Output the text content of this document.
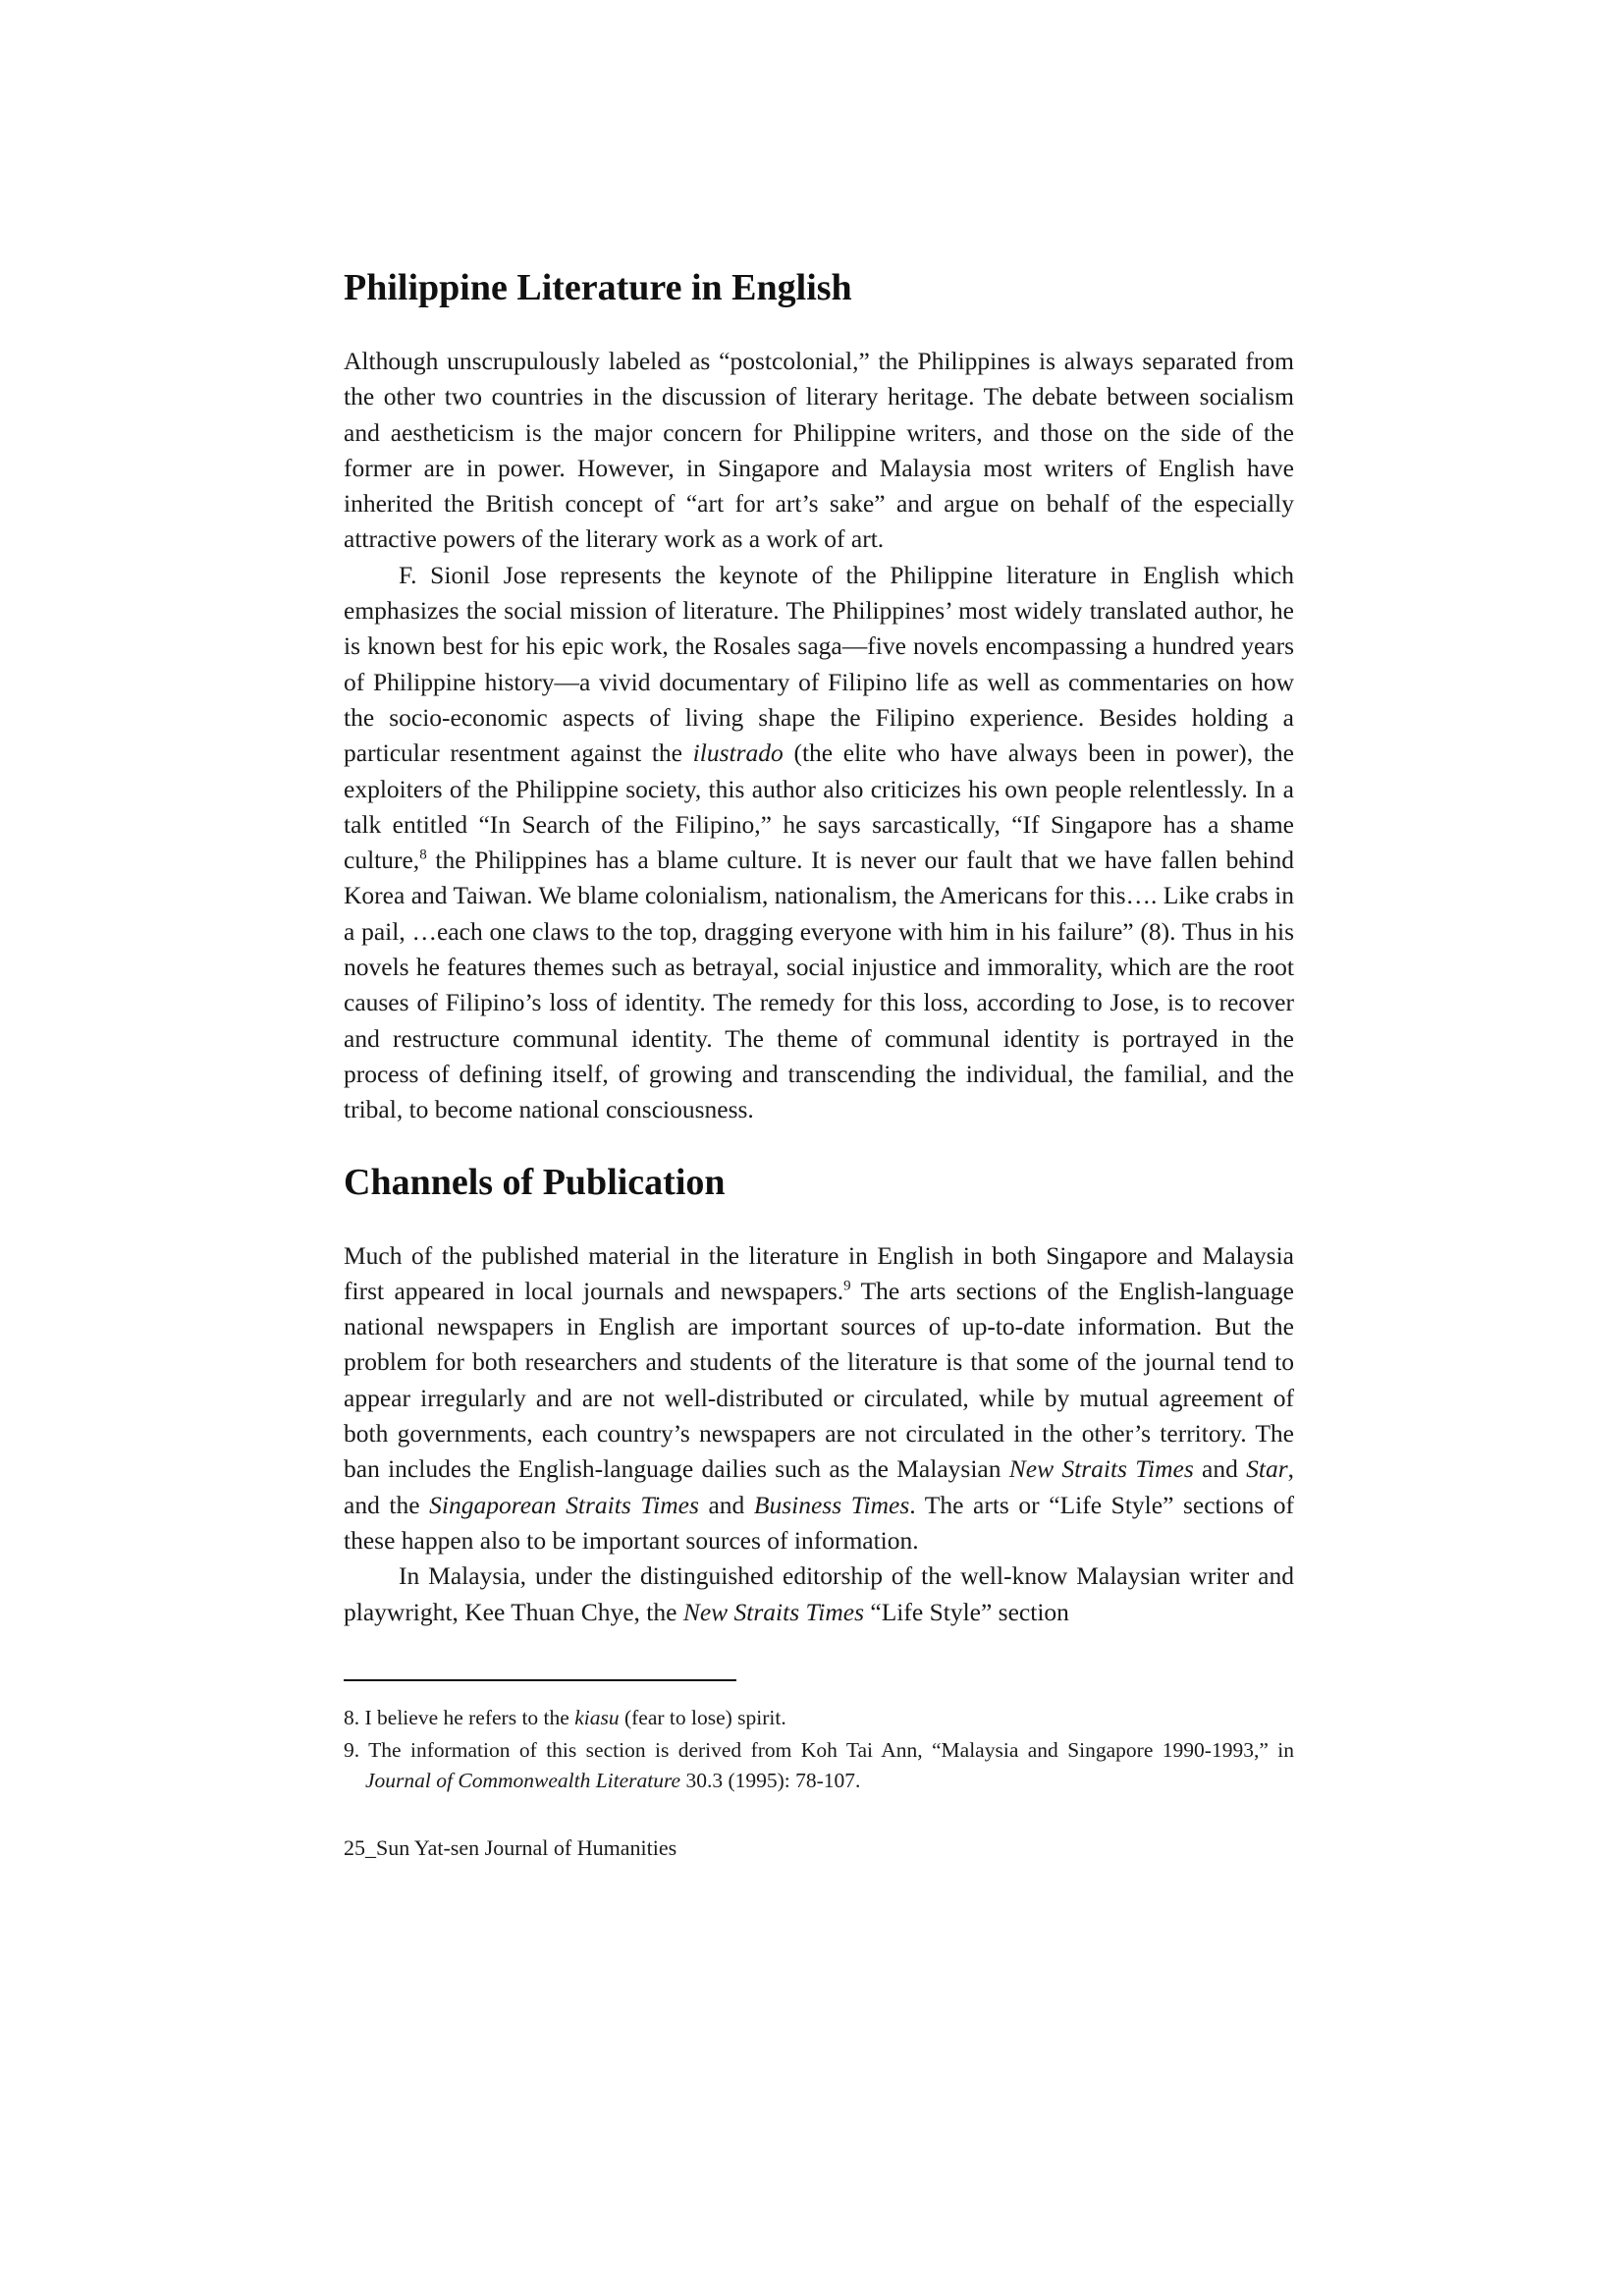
Philippine Literature in English

Although unscrupulously labeled as “postcolonial,” the Philippines is always separated from the other two countries in the discussion of literary heritage. The debate between socialism and aestheticism is the major concern for Philippine writers, and those on the side of the former are in power. However, in Singapore and Malaysia most writers of English have inherited the British concept of “art for art’s sake” and argue on behalf of the especially attractive powers of the literary work as a work of art.

F. Sionil Jose represents the keynote of the Philippine literature in English which emphasizes the social mission of literature. The Philippines’ most widely translated author, he is known best for his epic work, the Rosales saga—five novels encompassing a hundred years of Philippine history—a vivid documentary of Filipino life as well as commentaries on how the socio-economic aspects of living shape the Filipino experience. Besides holding a particular resentment against the ilustrado (the elite who have always been in power), the exploiters of the Philippine society, this author also criticizes his own people relentlessly. In a talk entitled “In Search of the Filipino,” he says sarcastically, “If Singapore has a shame culture,$^8$ the Philippines has a blame culture. It is never our fault that we have fallen behind Korea and Taiwan. We blame colonialism, nationalism, the Americans for this…. Like crabs in a pail, …each one claws to the top, dragging everyone with him in his failure” (8). Thus in his novels he features themes such as betrayal, social injustice and immorality, which are the root causes of Filipino’s loss of identity. The remedy for this loss, according to Jose, is to recover and restructure communal identity. The theme of communal identity is portrayed in the process of defining itself, of growing and transcending the individual, the familial, and the tribal, to become national consciousness.

Channels of Publication

Much of the published material in the literature in English in both Singapore and Malaysia first appeared in local journals and newspapers.$^9$ The arts sections of the English-language national newspapers in English are important sources of up-to-date information. But the problem for both researchers and students of the literature is that some of the journal tend to appear irregularly and are not well-distributed or circulated, while by mutual agreement of both governments, each country’s newspapers are not circulated in the other’s territory. The ban includes the English-language dailies such as the Malaysian New Straits Times and Star, and the Singaporean Straits Times and Business Times. The arts or “Life Style” sections of these happen also to be important sources of information.

In Malaysia, under the distinguished editorship of the well-know Malaysian writer and playwright, Kee Thuan Chye, the New Straits Times “Life Style” section

8. I believe he refers to the kiasu (fear to lose) spirit.

9. The information of this section is derived from Koh Tai Ann, “Malaysia and Singapore 1990-1993,” in Journal of Commonwealth Literature 30.3 (1995): 78-107.

25_Sun Yat-sen Journal of Humanities
